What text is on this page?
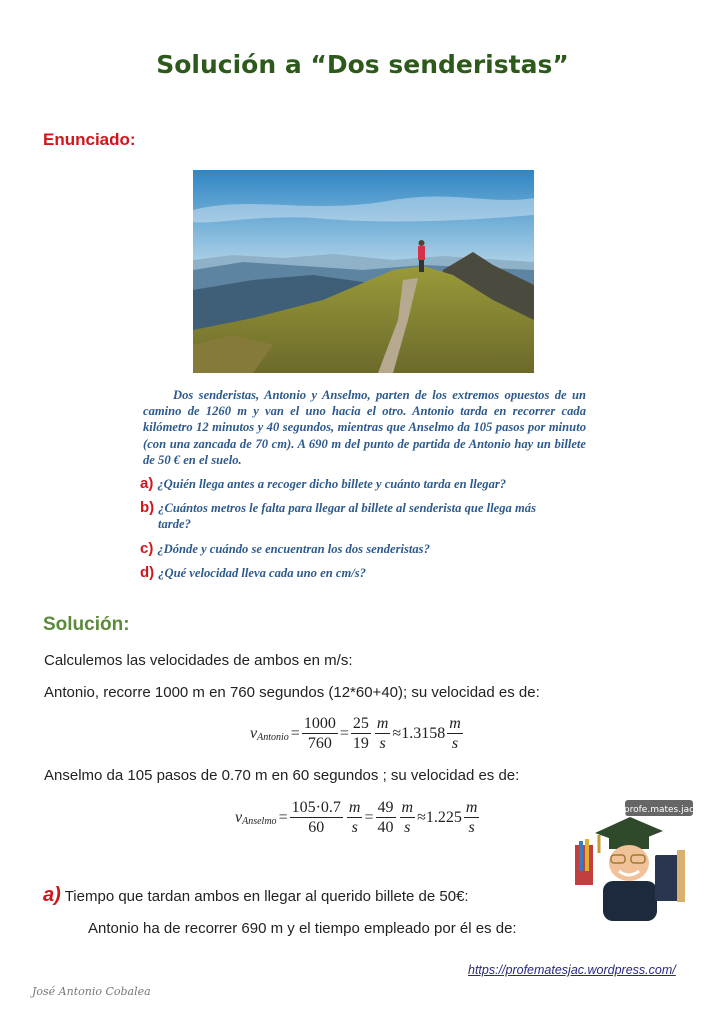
Solución a “Dos senderistas”
Enunciado:
Dos senderistas, Antonio y Anselmo, parten de los extremos opuestos de un camino de 1260 m y van el uno hacia el otro. Antonio tarda en recorrer cada kilómetro 12 minutos y 40 segundos, mientras que Anselmo da 105 pasos por minuto (con una zancada de 70 cm). A 690 m del punto de partida de Antonio hay un billete de 50 € en el suelo.
a) ¿Quién llega antes a recoger dicho billete y cuánto tarda en llegar?
b) ¿Cuántos metros le falta para llegar al billete al senderista que llega más
tarde?
c) ¿Dónde y cuándo se encuentran los dos senderistas?
d) ¿Qué velocidad lleva cada uno en cm/s?
Solución:
Calculemos las velocidades de ambos en m/s:
Antonio, recorre 1000 m en 760 segundos (12*60+40); su velocidad es de:
v Antonio = $\frac{1000}{760} = \frac{25}{19} \frac{m}{s} \approx 1.3158 \frac{m}{s}$
Anselmo da 105 pasos de 0.70 m en 60 segundos ; su velocidad es de:
v Anselmo = $\frac{105\cdot 0.7}{60} \frac{m}{s} = \frac{49}{40} \frac{m}{s} \approx 1.225 \frac{m}{s}$
a) Tiempo que tardan ambos en llegar al querido billete de 50€:
Antonio ha de recorrer 690 m y el tiempo empleado por él es de:
profe.mates.jac
https://profematesjac.wordpress.com/
José Antonio Cobalea
